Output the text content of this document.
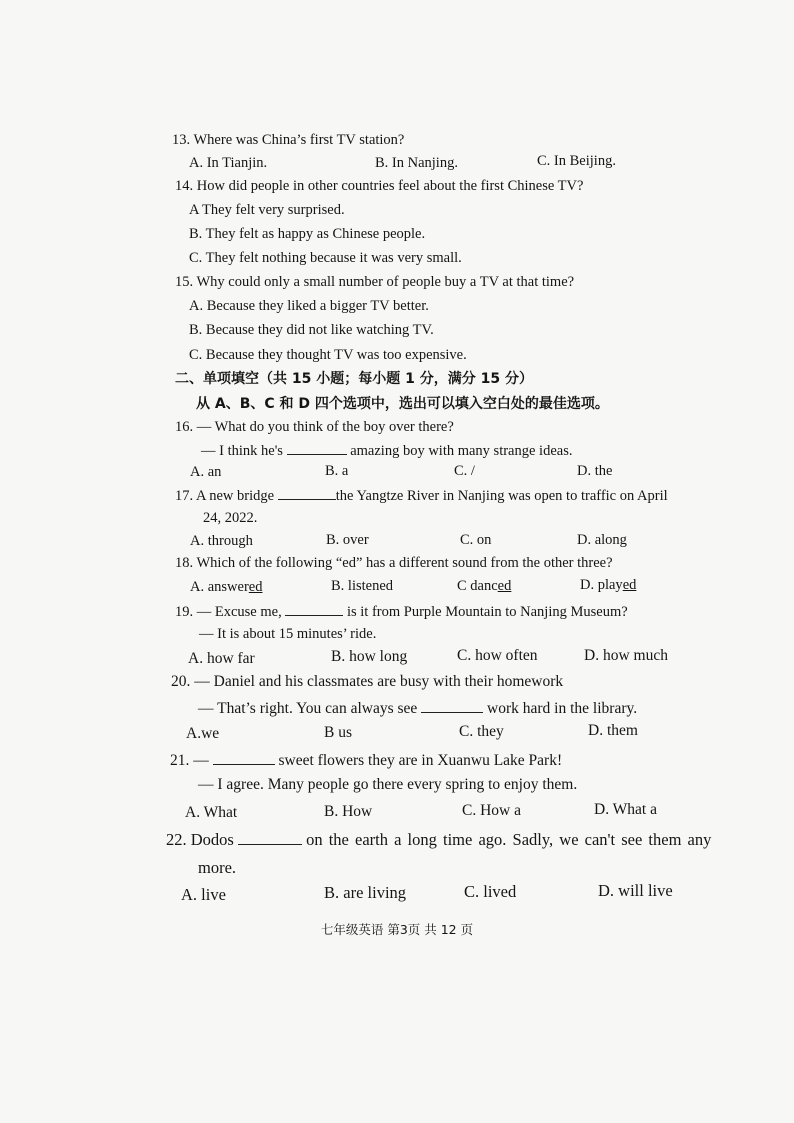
13. Where was China’s first TV station?
A. In Tianjin.	B. In Nanjing.	C. In Beijing.
14. How did people in other countries feel about the first Chinese TV?
A They felt very surprised.
B. They felt as happy as Chinese people.
C. They felt nothing because it was very small.
15. Why could only a small number of people buy a TV at that time?
A. Because they liked a bigger TV better.
B. Because they did not like watching TV.
C. Because they thought TV was too expensive.
二、单项填空（共 15 小题；每小题 1 分，满分 15 分）
从 A、B、C 和 D 四个选项中，选出可以填入空白处的最佳选项。
16. — What do you think of the boy over there?
— I think he's	amazing boy with many strange ideas.
A. an	B. a	C. /	D. the
17. A new bridge	the Yangtze River in Nanjing was open to traffic on April
24, 2022.
A. through	B. over	C. on	D. along
18. Which of the following “ed” has a different sound from the other three?
A. answered	B. listened	C danced	D. played
19. — Excuse me,	is it from Purple Mountain to Nanjing Museum?
— It is about 15 minutes’ ride.
A. how far	B. how long	C. how often	D. how much
20. — Daniel and his classmates are busy with their homework
— That’s right. You can always see	work hard in the library.
A.we	B us	C. they	D. them
21. —	sweet flowers they are in Xuanwu Lake Park!
— I agree. Many people go there every spring to enjoy them.
A. What	B. How	C. How a	D. What a
22. Dodos	on the earth a long time ago. Sadly, we can't see them any
more.
A. live	B. are living	C. lived	D. will live
七年级英语 第3页 共 12 页
